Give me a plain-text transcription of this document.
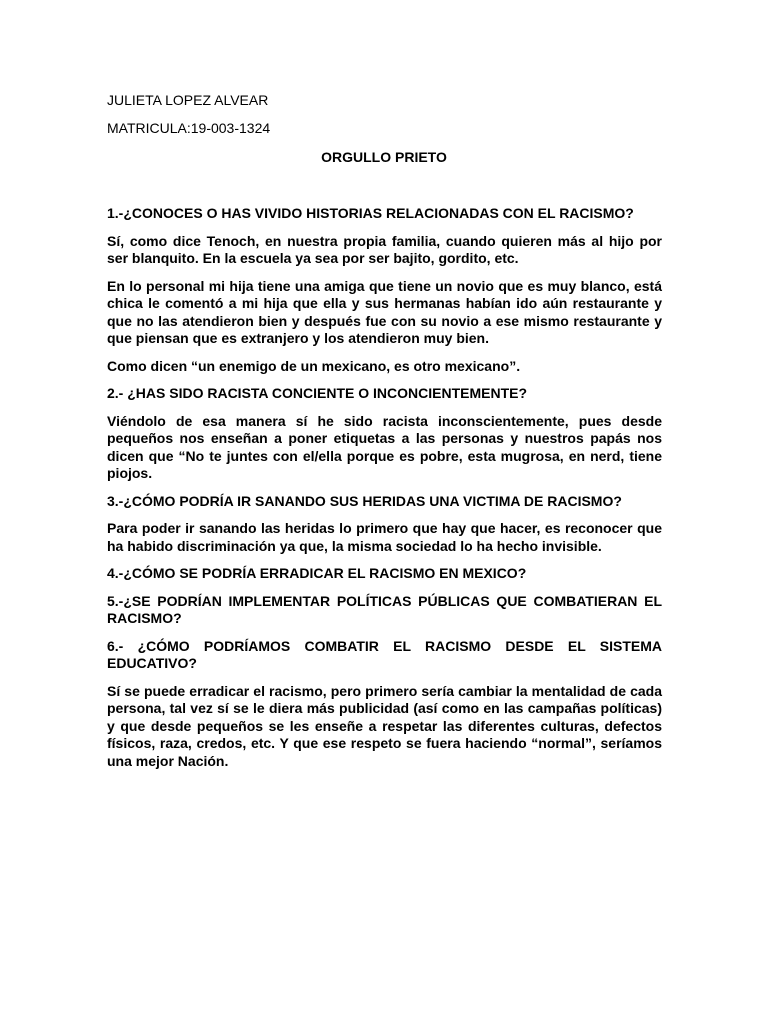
JULIETA LOPEZ ALVEAR
MATRICULA:19-003-1324
ORGULLO PRIETO

1.-¿CONOCES O HAS VIVIDO HISTORIAS RELACIONADAS CON EL RACISMO?

Sí, como dice Tenoch, en nuestra propia familia, cuando quieren más al hijo por ser blanquito. En la escuela ya sea por ser bajito, gordito, etc.

En lo personal mi hija tiene una amiga que tiene un novio que es muy blanco, está chica le comentó a mi hija que ella y sus hermanas habían ido aún restaurante y que no las atendieron bien y después fue con su novio a ese mismo restaurante y que piensan que es extranjero y los atendieron muy bien.

Como dicen “un enemigo de un mexicano, es otro mexicano”.

2.- ¿HAS SIDO RACISTA CONCIENTE O INCONCIENTEMENTE?

Viéndolo de esa manera sí he sido racista inconscientemente, pues desde pequeños nos enseñan a poner etiquetas a las personas y nuestros papás nos dicen que “No te juntes con el/ella porque es pobre, esta mugrosa, en nerd, tiene piojos.

3.-¿CÓMO PODRÍA IR SANANDO SUS HERIDAS UNA VICTIMA DE RACISMO?

Para poder ir sanando las heridas lo primero que hay que hacer, es reconocer que ha habido discriminación ya que, la misma sociedad lo ha hecho invisible.

4.-¿CÓMO SE PODRÍA ERRADICAR EL RACISMO EN MEXICO?

5.-¿SE PODRÍAN IMPLEMENTAR POLÍTICAS PÚBLICAS QUE COMBATIERAN EL RACISMO?

6.- ¿CÓMO PODRÍAMOS COMBATIR EL RACISMO DESDE EL SISTEMA EDUCATIVO?

Sí se puede erradicar el racismo, pero primero sería cambiar la mentalidad de cada persona, tal vez sí se le diera más publicidad (así como en las campañas políticas) y que desde pequeños se les enseñe a respetar las diferentes culturas, defectos físicos, raza, credos, etc. Y que ese respeto se fuera haciendo “normal”, seríamos una mejor Nación.
